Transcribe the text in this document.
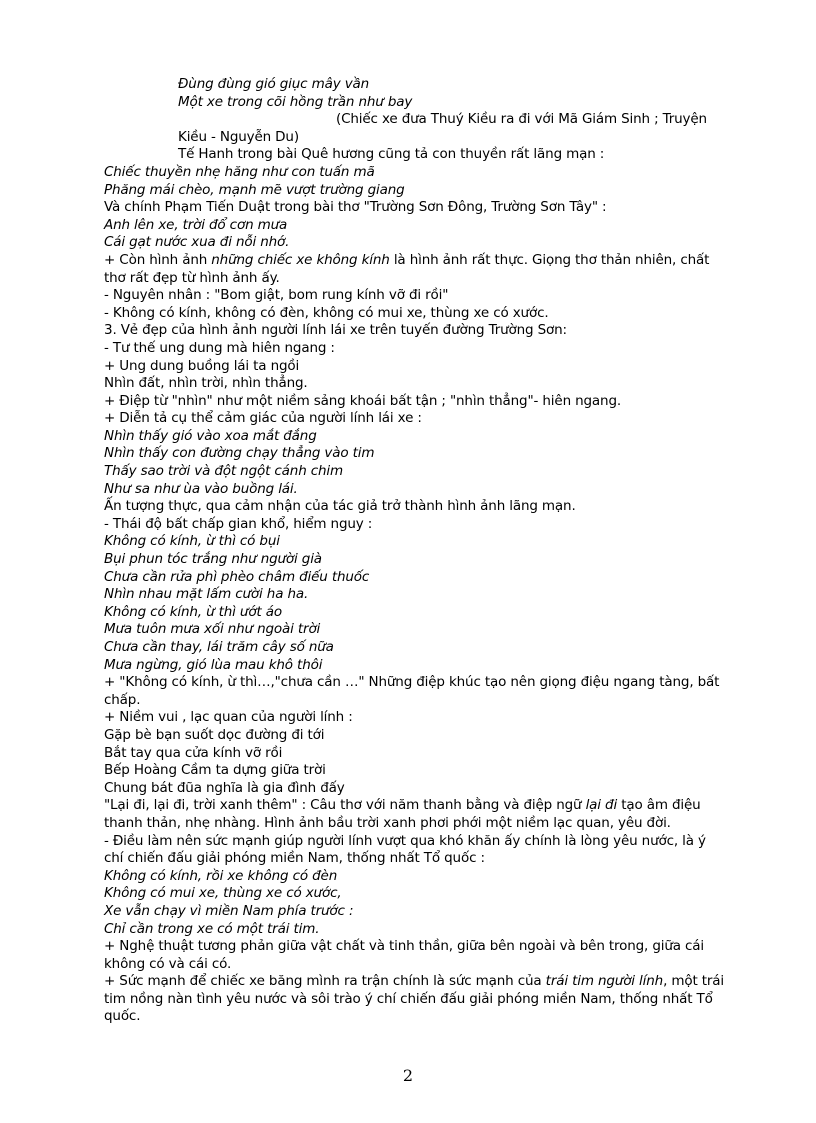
Đùng đùng gió giục mây vần

Một xe trong cõi hồng trần như bay

(Chiếc xe đưa Thuý Kiều ra đi với Mã Giám Sinh ; Truyện

Kiều - Nguyễn Du)

Tế Hanh trong bài Quê hương cũng tả con thuyền rất lãng mạn :

Chiếc thuyền nhẹ hăng như con tuấn mã

Phăng mái chèo, mạnh mẽ vượt trường giang

Và chính Phạm Tiến Duật trong bài thơ "Trường Sơn Đông, Trường Sơn Tây" :

Anh lên xe, trời đổ cơn mưa

Cái gạt nước xua đi nỗi nhớ.

+ Còn hình ảnh những chiếc xe không kính là hình ảnh rất thực. Giọng thơ thản nhiên, chất

thơ rất đẹp từ hình ảnh ấy.

- Nguyên nhân : "Bom giật, bom rung kính vỡ đi rồi"

- Không có kính, không có đèn, không có mui xe, thùng xe có xước.

3. Vẻ đẹp của hình ảnh người lính lái xe trên tuyến đường Trường Sơn:

- Tư thế ung dung mà hiên ngang :

+ Ung dung buồng lái ta ngồi

Nhìn đất, nhìn trời, nhìn thẳng.

+ Điệp từ "nhìn" như một niềm sảng khoái bất tận ; "nhìn thẳng"- hiên ngang.

+ Diễn tả cụ thể cảm giác của người lính lái xe :

Nhìn thấy gió vào xoa mắt đắng

Nhìn thấy con đường chạy thẳng vào tim

Thấy sao trời và đột ngột cánh chim

Như sa như ùa vào buồng lái.

Ấn tượng thực, qua cảm nhận của tác giả trở thành hình ảnh lãng mạn.

- Thái độ bất chấp gian khổ, hiểm nguy :

Không có kính, ừ thì có bụi

Bụi phun tóc trắng như người già

Chưa cần rửa phì phèo châm điếu thuốc

Nhìn nhau mặt lấm cười ha ha.

Không có kính, ừ thì ướt áo

Mưa tuôn mưa xối như ngoài trời

Chưa cần thay, lái trăm cây số nữa

Mưa ngừng, gió lùa mau khô thôi

+ "Không có kính, ừ thì…,"chưa cần …" Những điệp khúc tạo nên giọng điệu ngang tàng, bất

chấp.

+ Niềm vui , lạc quan của người lính :

Gặp bè bạn suốt dọc đường đi tới

Bắt tay qua cửa kính vỡ rồi

Bếp Hoàng Cầm ta dựng giữa trời

Chung bát đũa nghĩa là gia đình đấy

"Lại đi, lại đi, trời xanh thêm" : Câu thơ với năm thanh bằng và điệp ngữ lại đi tạo âm điệu

thanh thản, nhẹ nhàng. Hình ảnh bầu trời xanh phơi phới một niềm lạc quan, yêu đời.

- Điều làm nên sức mạnh giúp người lính vượt qua khó khăn ấy chính là lòng yêu nước, là ý

chí chiến đấu giải phóng miền Nam, thống nhất Tổ quốc :

Không có kính, rồi xe không có đèn

Không có mui xe, thùng xe có xước,

Xe vẫn chạy vì miền Nam phía trước :

Chỉ cần trong xe có một trái tim.

+ Nghệ thuật tương phản giữa vật chất và tinh thần, giữa bên ngoài và bên trong, giữa cái

không có và cái có.

+ Sức mạnh để chiếc xe băng mình ra trận chính là sức mạnh của trái tim người lính, một trái

tim nồng nàn tình yêu nước và sôi trào ý chí chiến đấu giải phóng miền Nam, thống nhất Tổ

quốc.

2
